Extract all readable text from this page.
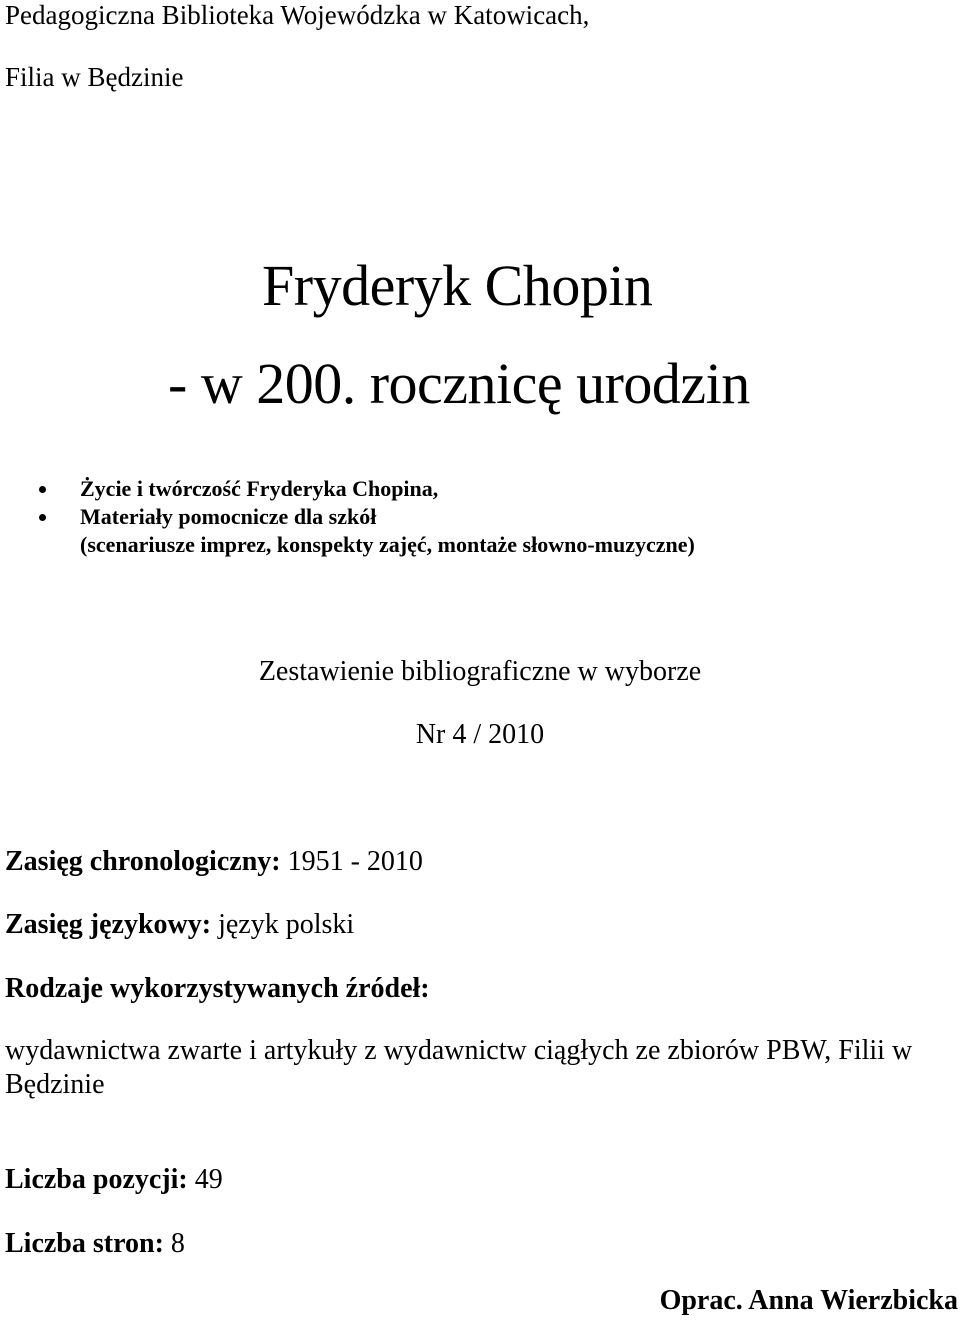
Pedagogiczna Biblioteka Wojewódzka w Katowicach,
Filia w Będzinie
Fryderyk Chopin
- w 200. rocznicę urodzin
Życie i twórczość Fryderyka Chopina,
Materiały pomocnicze dla szkół
(scenariusze imprez, konspekty zajęć, montaże słowno-muzyczne)
Zestawienie bibliograficzne w wyborze
Nr 4 / 2010
Zasięg chronologiczny: 1951 - 2010
Zasięg językowy: język polski
Rodzaje wykorzystywanych źródeł:
wydawnictwa zwarte i artykuły z wydawnictw ciągłych ze zbiorów PBW, Filii w Będzinie
Liczba pozycji: 49
Liczba stron: 8
Oprac. Anna Wierzbicka
